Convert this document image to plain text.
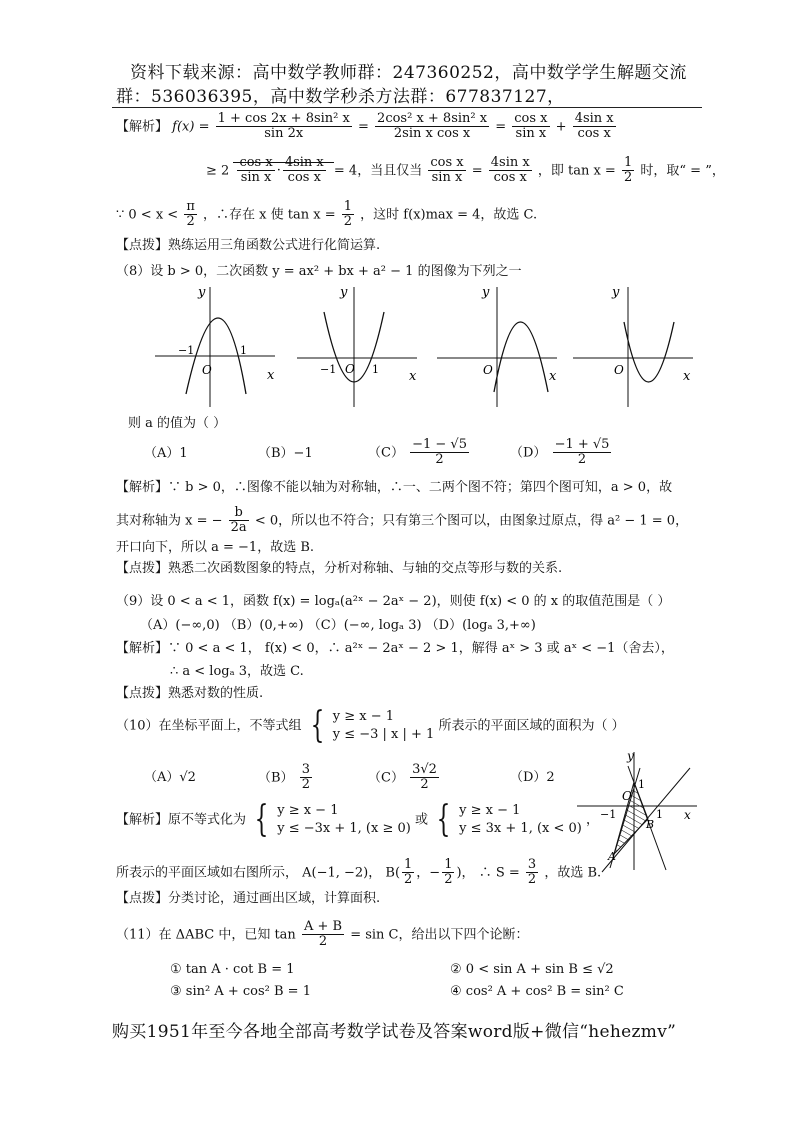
资料下载来源：高中数学教师群：247360252，高中数学学生解题交流
群：536036395，高中数学秒杀方法群：677837127，
【解析】 $f(x) = \frac{\text{1 + cos 2x + 8sin² x}}{\sin 2x} = \frac{\text{2cos² x + 8sin² x}}{\text{2sin x cos x}} = \frac{\text{cos x}}{\text{sin x}} + \frac{\text{4sin x}}{\text{cos x}}$
≥ $2 \frac{\text{cos x}}{\text{sin x}} \cdot \frac{\text{4sin x}}{\text{cos x}} = 4$，当且仅当 $\frac{\text{cos x}}{\text{sin x}} = \frac{\text{4sin x}}{\text{cos x}}$ ，即 $\tan x = \frac{1}{2}$ 时，取“ = ”，
∵ $0 < x < \frac{\pi}{2}$ ，∴存在 x 使 $\tan x = \frac{1}{2}$ ，这时 f(x)max = 4，故选 C.
【点拨】熟练运用三角函数公式进行化简运算.
（8）设 b > 0，二次函数 y = ax² + bx + a² − 1 的图像为下列之一
y
x
O
−1	1
y
x
O
−1	1
y
x
O
y
x
O
则 a 的值为（ ）
（A）1	（B）−1	$(C) \frac{-1 - √5}{2}$	$(D) \frac{-1 + √5}{2}$
【解析】∵ b > 0，∴图像不能以轴为对称轴，∴一、二两个图不符；第四个图可知，a > 0，故
其对称轴为 x = − $\frac{b}{2a} < 0$，所以也不符合；只有第三个图可以，由图象过原点，得 a² − 1 = 0，
开口向下，所以 a = −1，故选 B.
【点拨】熟悉二次函数图象的特点，分析对称轴、与轴的交点等形与数的关系.
（9）设 0 < a < 1，函数 f(x) = logₐ(a²ˣ − 2aˣ − 2)，则使 f(x) < 0 的 x 的取值范围是（ ）
（A）(−∞,0) （B）(0,+∞) （C）(−∞, logₐ 3) （D）(logₐ 3,+∞)
【解析】∵ 0 < a < 1， f(x) < 0，∴ a²ˣ − 2aˣ − 2 > 1，解得 aˣ > 3 或 aˣ < −1（舍去），
∴ a < logₐ 3，故选 C.
【点拨】熟悉对数的性质.
（10）在坐标平面上，不等式组 { y ≥ x − 1
y ≤ −3 | x | + 1
所表示的平面区域的面积为（ ）
（A）√2	$(B) \frac{3}{2}$	$(C) \frac{3√2}{2}$	（D）2
【解析】原不等式化为 { y ≥ x − 1
y ≤ −3x + 1, (x ≥ 0)
或 { y ≥ x − 1
y ≤ 3x + 1, (x < 0)
，
所表示的平面区域如右图所示， A(−1, −2)， $B( \frac{1}{2}$ ，− $\frac{1}{2}$ )， ∴ $S = \frac{3}{2}$ ，故选 B.
y
x
O
1
−1	1
A
B
【点拨】分类讨论，通过画出区域，计算面积.
（11）在 ΔABC 中，已知 $\tan \frac{A + B}{2} = \sin C$，给出以下四个论断：
① tan A · cot B = 1	② 0 < sin A + sin B ≤ √2
③ sin² A + cos² B = 1	④ cos² A + cos² B = sin² C
购买1951年至今各地全部高考数学试卷及答案word版+微信“hehezmv”
